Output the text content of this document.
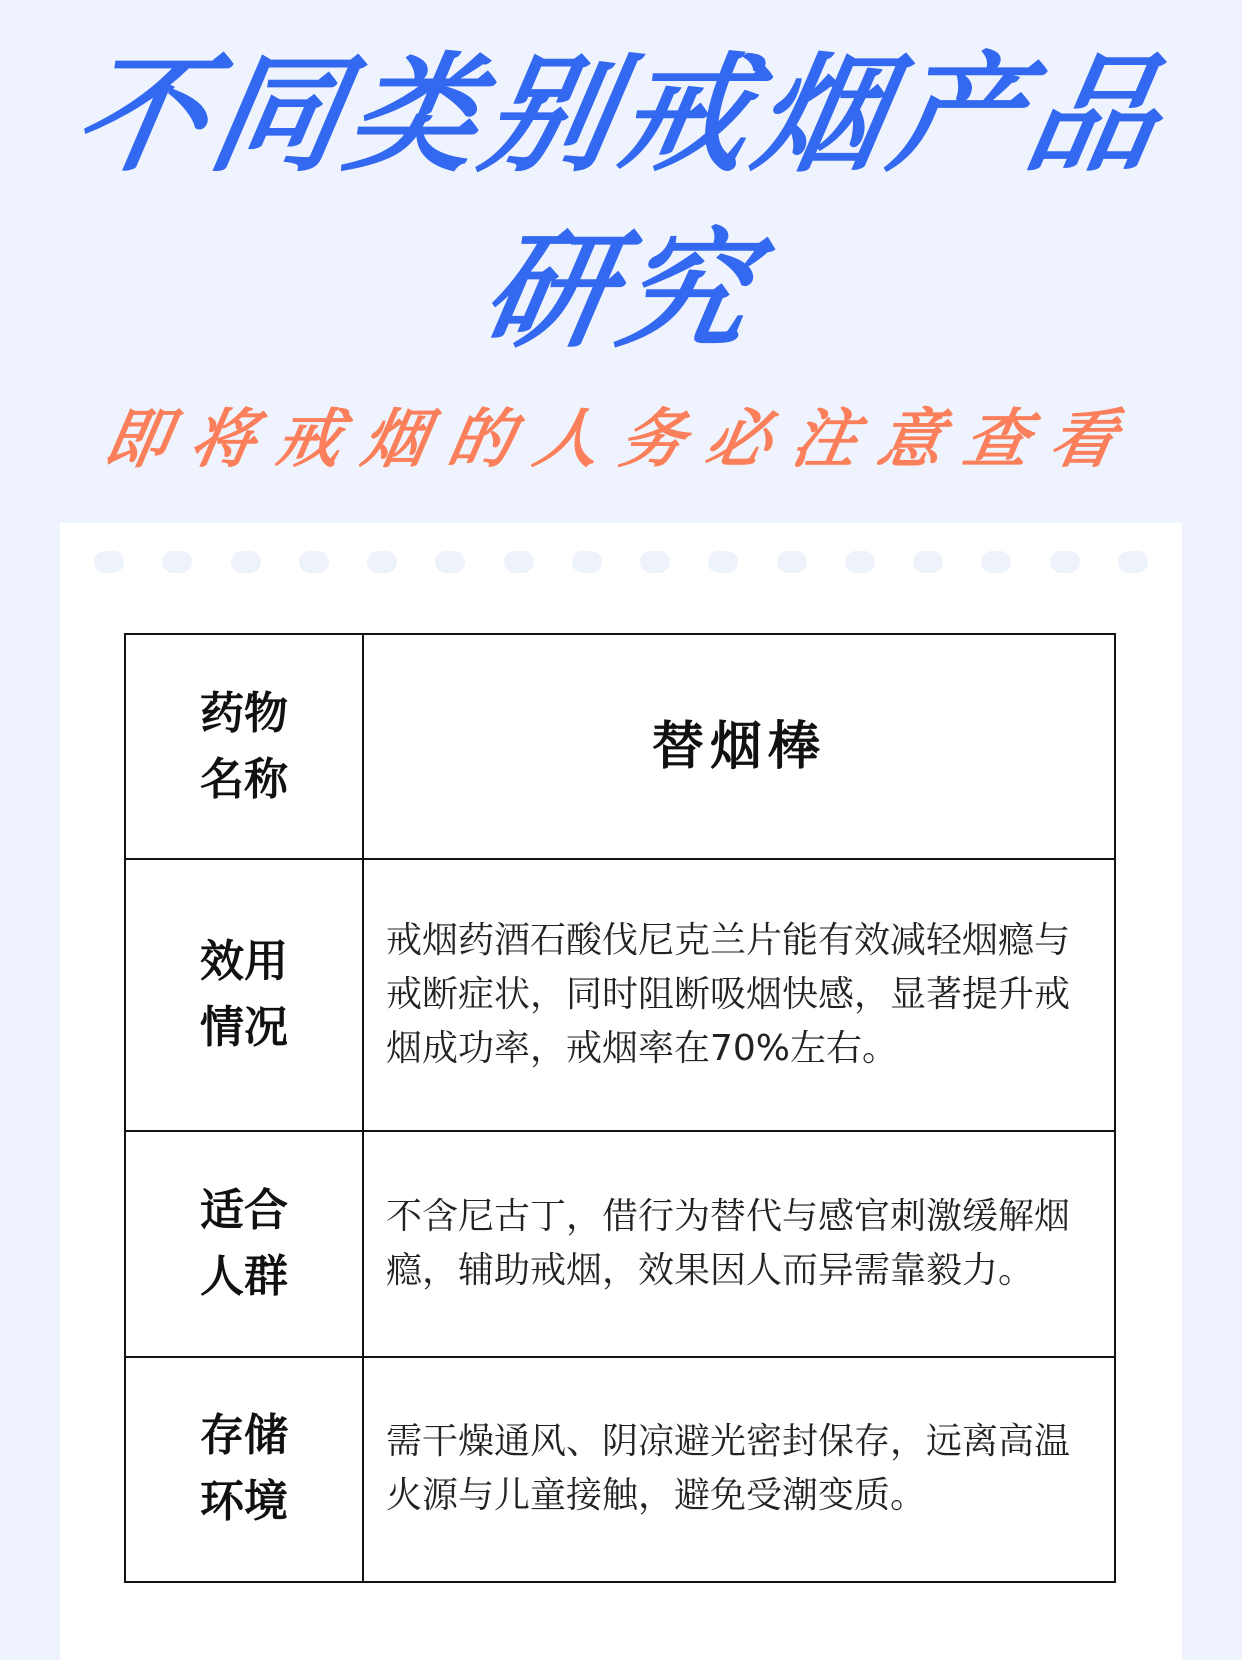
不同类别戒烟产品
研究
即将戒烟的人务必注意查看
药物名称	替烟棒
效用情况	戒烟药酒石酸伐尼克兰片能有效减轻烟瘾与戒断症状，同时阻断吸烟快感，显著提升戒烟成功率，戒烟率在70%左右。
适合人群	不含尼古丁，借行为替代与感官刺激缓解烟瘾，辅助戒烟，效果因人而异需靠毅力。
存储环境	需干燥通风、阴凉避光密封保存，远离高温火源与儿童接触，避免受潮变质。
